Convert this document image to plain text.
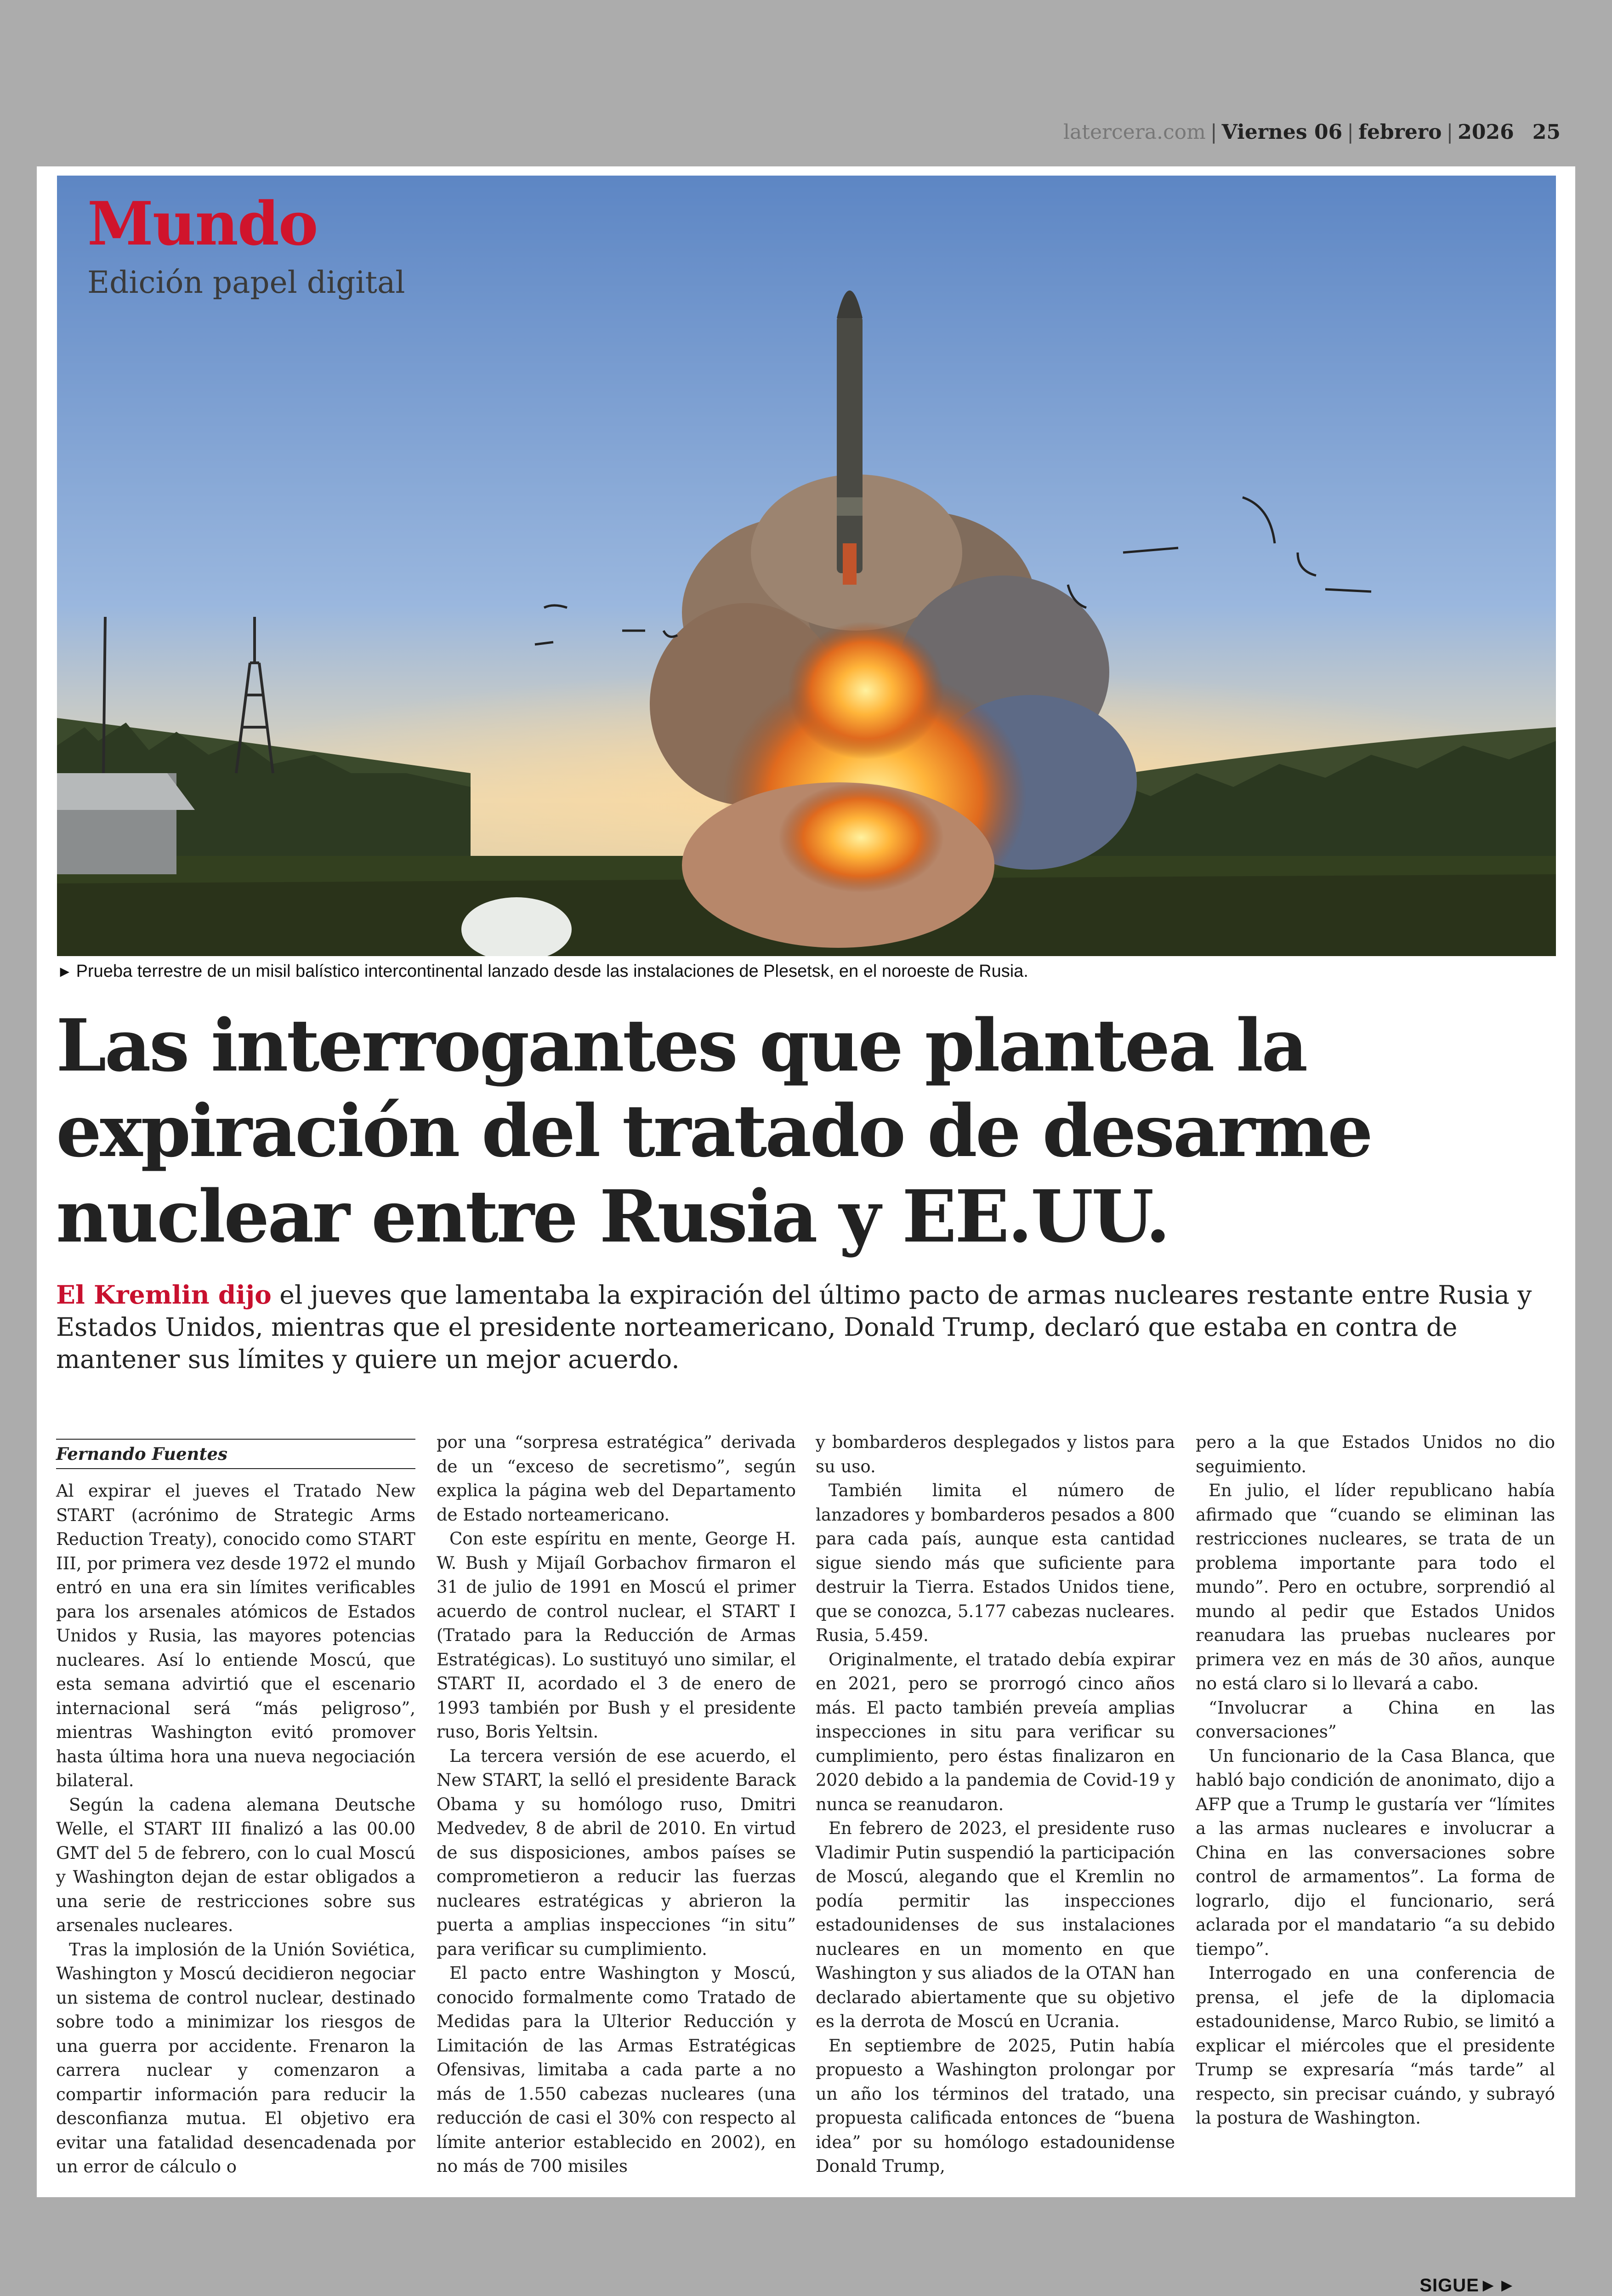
latercera.com | Viernes 06 | febrero | 2026 25
Mundo
Edición papel digital
► Prueba terrestre de un misil balístico intercontinental lanzado desde las instalaciones de Plesetsk, en el noroeste de Rusia.
Las interrogantes que plantea la
expiración del tratado de desarme
nuclear entre Rusia y EE.UU.
El Kremlin dijo el jueves que lamentaba la expiración del último pacto de armas nucleares restante entre Rusia y Estados Unidos, mientras que el presidente norteamericano, Donald Trump, declaró que estaba en contra de mantener sus límites y quiere un mejor acuerdo.
Fernando Fuentes

Al expirar el jueves el Tratado New START (acrónimo de Strategic Arms Reduction Treaty), conocido como START III, por primera vez desde 1972 el mundo entró en una era sin límites verificables para los arsenales atómicos de Estados Unidos y Rusia, las mayores potencias nucleares. Así lo entiende Moscú, que esta semana advirtió que el escenario internacional será “más peligroso”, mientras Washington evitó promover hasta última hora una nueva negociación bilateral.

Según la cadena alemana Deutsche Welle, el START III finalizó a las 00.00 GMT del 5 de febrero, con lo cual Moscú y Washington dejan de estar obligados a una serie de restricciones sobre sus arsenales nucleares.

Tras la implosión de la Unión Soviética, Washington y Moscú decidieron negociar un sistema de control nuclear, destinado sobre todo a minimizar los riesgos de una guerra por accidente. Frenaron la carrera nuclear y comenzaron a compartir información para reducir la desconfianza mutua. El objetivo era evitar una fatalidad desencadenada por un error de cálculo o

por una “sorpresa estratégica” derivada de un “exceso de secretismo”, según explica la página web del Departamento de Estado norteamericano.

Con este espíritu en mente, George H. W. Bush y Mijaíl Gorbachov firmaron el 31 de julio de 1991 en Moscú el primer acuerdo de control nuclear, el START I (Tratado para la Reducción de Armas Estratégicas). Lo sustituyó uno similar, el START II, acordado el 3 de enero de 1993 también por Bush y el presidente ruso, Boris Yeltsin.

La tercera versión de ese acuerdo, el New START, la selló el presidente Barack Obama y su homólogo ruso, Dmitri Medvedev, 8 de abril de 2010. En virtud de sus disposiciones, ambos países se comprometieron a reducir las fuerzas nucleares estratégicas y abrieron la puerta a amplias inspecciones “in situ” para verificar su cumplimiento.

El pacto entre Washington y Moscú, conocido formalmente como Tratado de Medidas para la Ulterior Reducción y Limitación de las Armas Estratégicas Ofensivas, limitaba a cada parte a no más de 1.550 cabezas nucleares (una reducción de casi el 30% con respecto al límite anterior establecido en 2002), en no más de 700 misiles

y bombarderos desplegados y listos para su uso.

También limita el número de lanzadores y bombarderos pesados a 800 para cada país, aunque esta cantidad sigue siendo más que suficiente para destruir la Tierra. Estados Unidos tiene, que se conozca, 5.177 cabezas nucleares. Rusia, 5.459.

Originalmente, el tratado debía expirar en 2021, pero se prorrogó cinco años más. El pacto también preveía amplias inspecciones in situ para verificar su cumplimiento, pero éstas finalizaron en 2020 debido a la pandemia de Covid-19 y nunca se reanudaron.

En febrero de 2023, el presidente ruso Vladimir Putin suspendió la participación de Moscú, alegando que el Kremlin no podía permitir las inspecciones estadounidenses de sus instalaciones nucleares en un momento en que Washington y sus aliados de la OTAN han declarado abiertamente que su objetivo es la derrota de Moscú en Ucrania.

En septiembre de 2025, Putin había propuesto a Washington prolongar por un año los términos del tratado, una propuesta calificada entonces de “buena idea” por su homólogo estadounidense Donald Trump,

pero a la que Estados Unidos no dio seguimiento.

En julio, el líder republicano había afirmado que “cuando se eliminan las restricciones nucleares, se trata de un problema importante para todo el mundo”. Pero en octubre, sorprendió al mundo al pedir que Estados Unidos reanudara las pruebas nucleares por primera vez en más de 30 años, aunque no está claro si lo llevará a cabo.

“Involucrar a China en las conversaciones”

Un funcionario de la Casa Blanca, que habló bajo condición de anonimato, dijo a AFP que a Trump le gustaría ver “límites a las armas nucleares e involucrar a China en las conversaciones sobre control de armamentos”. La forma de lograrlo, dijo el funcionario, será aclarada por el mandatario “a su debido tiempo”.

Interrogado en una conferencia de prensa, el jefe de la diplomacia estadounidense, Marco Rubio, se limitó a explicar el miércoles que el presidente Trump se expresaría “más tarde” al respecto, sin precisar cuándo, y subrayó la postura de Washington.

SIGUE►►
